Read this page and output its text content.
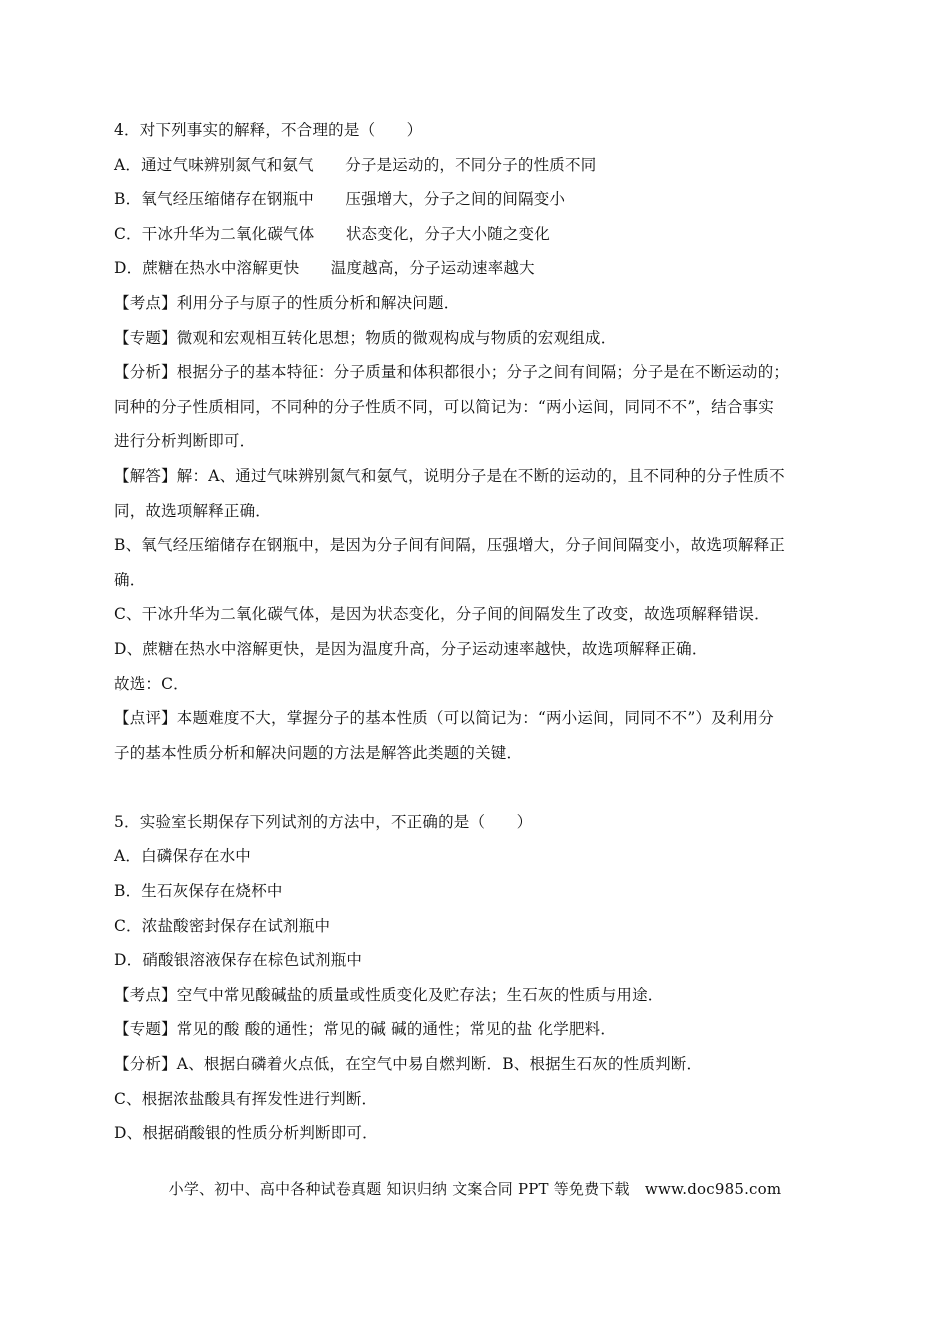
4．对下列事实的解释，不合理的是（　　）
A．通过气味辨别氮气和氨气　　分子是运动的，不同分子的性质不同
B．氧气经压缩储存在钢瓶中　　压强增大，分子之间的间隔变小
C．干冰升华为二氧化碳气体　　状态变化，分子大小随之变化
D．蔗糖在热水中溶解更快　　温度越高，分子运动速率越大
【考点】利用分子与原子的性质分析和解决问题．
【专题】微观和宏观相互转化思想；物质的微观构成与物质的宏观组成．
【分析】根据分子的基本特征：分子质量和体积都很小；分子之间有间隔；分子是在不断运动的；
同种的分子性质相同，不同种的分子性质不同，可以简记为：“两小运间，同同不不”，结合事实
进行分析判断即可．
【解答】解：A、通过气味辨别氮气和氨气，说明分子是在不断的运动的，且不同种的分子性质不
同，故选项解释正确．
B、氧气经压缩储存在钢瓶中，是因为分子间有间隔，压强增大，分子间间隔变小，故选项解释正
确．
C、干冰升华为二氧化碳气体，是因为状态变化，分子间的间隔发生了改变，故选项解释错误．
D、蔗糖在热水中溶解更快，是因为温度升高，分子运动速率越快，故选项解释正确．
故选：C．
【点评】本题难度不大，掌握分子的基本性质（可以简记为：“两小运间，同同不不”）及利用分
子的基本性质分析和解决问题的方法是解答此类题的关键．
5．实验室长期保存下列试剂的方法中，不正确的是（　　）
A．白磷保存在水中
B．生石灰保存在烧杯中
C．浓盐酸密封保存在试剂瓶中
D．硝酸银溶液保存在棕色试剂瓶中
【考点】空气中常见酸碱盐的质量或性质变化及贮存法；生石灰的性质与用途．
【专题】常见的酸 酸的通性；常见的碱 碱的通性；常见的盐 化学肥料．
【分析】A、根据白磷着火点低，在空气中易自燃判断．B、根据生石灰的性质判断．
C、根据浓盐酸具有挥发性进行判断．
D、根据硝酸银的性质分析判断即可．
小学、初中、高中各种试卷真题 知识归纳 文案合同 PPT 等免费下载　www.doc985.com
